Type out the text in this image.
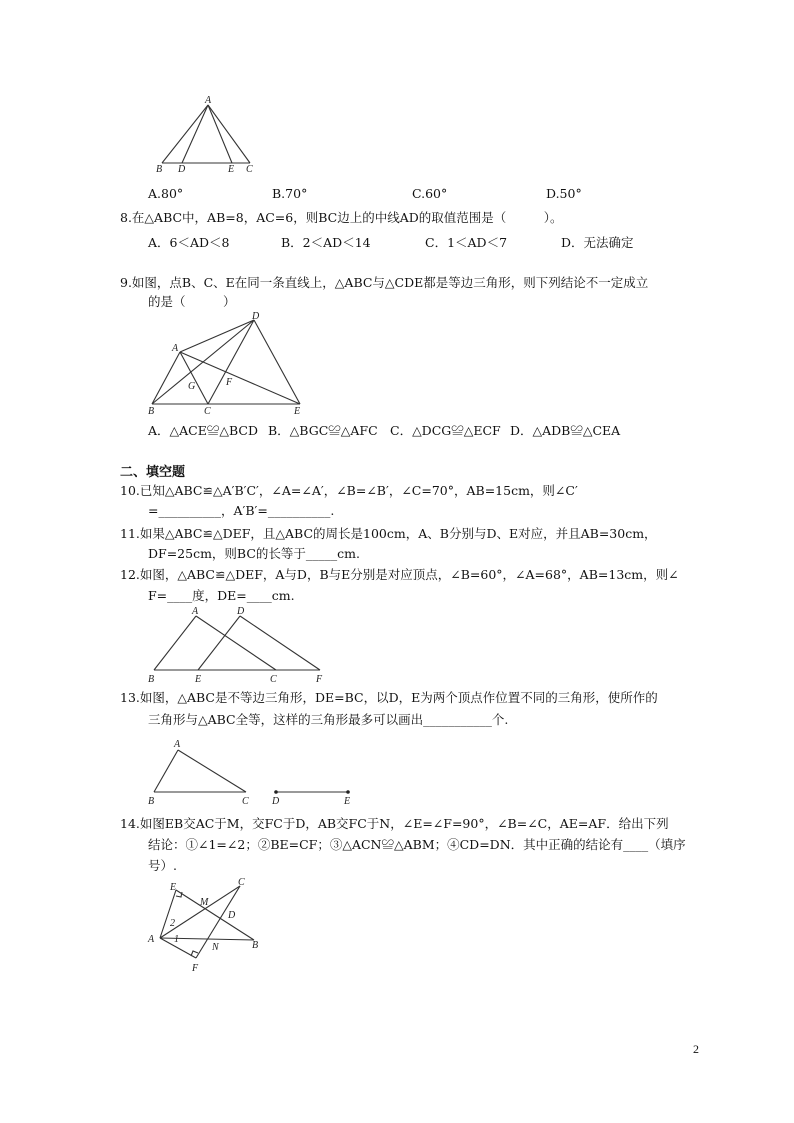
A
B D	E C
A.80°	B.70°	C.60°	D.50°
8.在△ABC中，AB=8，AC=6，则BC边上的中线AD的取值范围是（　　　）。
A．6＜AD＜8	B．2＜AD＜14	C．1＜AD＜7	D．无法确定
9.如图，点B、C、E在同一条直线上，△ABC与△CDE都是等边三角形，则下列结论不一定成立
的是（　　　）
D
A
G	F
B	C	E
A．△ACE≌△BCD B．△BGC≌△AFC C．△DCG≌△ECF D．△ADB≌△CEA
二、填空题
10.已知△ABC≌△A′B′C′，∠A=∠A′，∠B=∠B′，∠C=70°，AB=15cm，则∠C′
=__________，A′B′=__________.
11.如果△ABC≌△DEF，且△ABC的周长是100cm，A、B分别与D、E对应，并且AB=30cm，
DF=25cm，则BC的长等于_____cm.
12.如图，△ABC≌△DEF，A与D，B与E分别是对应顶点，∠B=60°，∠A=68°，AB=13cm，则∠
F=____度，DE=____cm.
A	D
B	E	C	F
13.如图，△ABC是不等边三角形，DE=BC，以D，E为两个顶点作位置不同的三角形，使所作的
三角形与△ABC全等，这样的三角形最多可以画出___________个.
A
B	C D	E
14.如图EB交AC于M，交FC于D，AB交FC于N，∠E=∠F=90°，∠B=∠C，AE=AF．给出下列
结论：①∠1=∠2；②BE=CF；③△ACN≌△ABM；④CD=DN．其中正确的结论有____（填序
号）.
E	C
M
D
2
A 1
N	B
F
2
